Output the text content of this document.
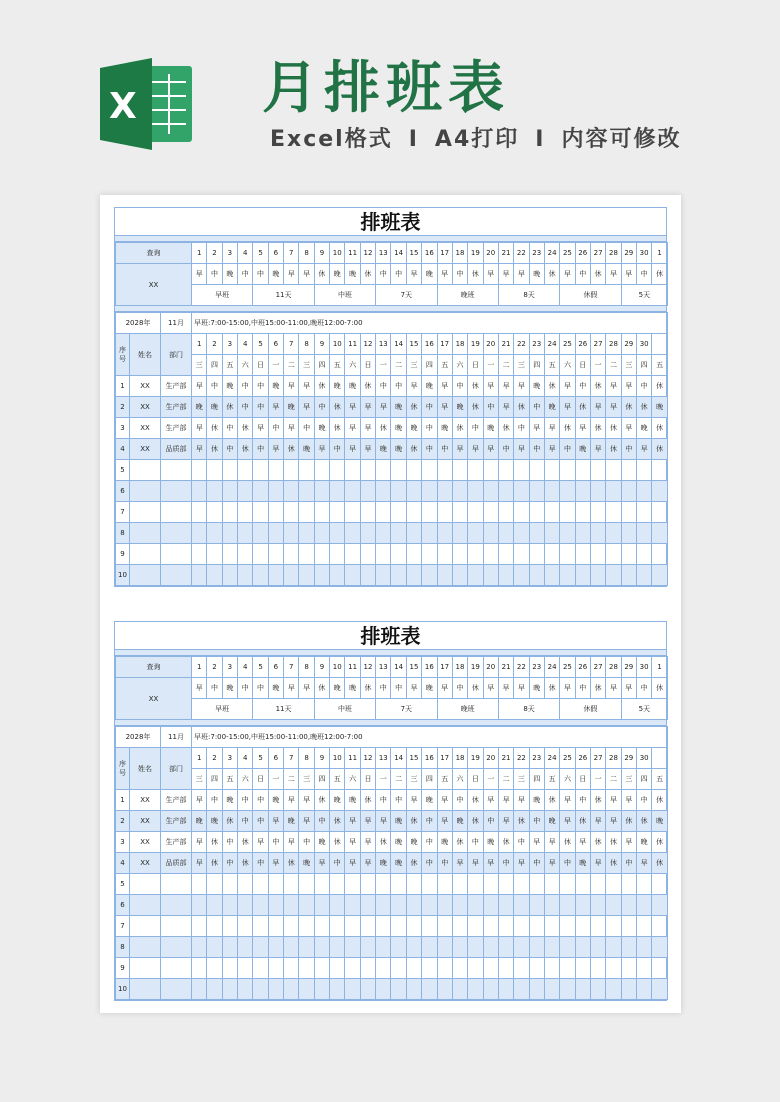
X 月排班表
Excel格式 I A4打印 I 内容可修改
排班表
查询	1	2	3	4	5	6	7	8	9	10	11	12	13	14	15	16	17	18	19	20	21	22	23	24	25	26	27	28	29	30	1
XX	早	中	晚	中	中	晚	早	早	休	晚	晚	休	中	中	早	晚	早	中	休	早	早	早	晚	休	早	中	休	早	早	中	休
	早班				11天				中班				7天				晚班				8天				休假				5天		
2028年		11月	早班:7:00-15:00,中班15:00-11:00,晚班12:00-7:00																														
序号	姓名	部门	1	2	3	4	5	6	7	8	9	10	11	12	13	14	15	16	17	18	19	20	21	22	23	24	25	26	27	28	29	30	
			三	四	五	六	日	一	二	三	四	五	六	日	一	二	三	四	五	六	日	一	二	三	四	五	六	日	一	二	三	四	五
1	XX	生产部	早	中	晚	中	中	晚	早	早	休	晚	晚	休	中	中	早	晚	早	中	休	早	早	早	晚	休	早	中	休	早	早	中	休
2	XX	生产部	晚	晚	休	中	中	早	晚	早	中	休	早	早	早	晚	休	中	早	晚	休	中	早	休	中	晚	早	休	早	早	休	休	晚
3	XX	生产部	早	休	中	休	早	中	早	中	晚	休	早	早	休	晚	晚	中	晚	休	中	晚	休	中	早	早	休	早	休	休	早	晚	休
4	XX	品质部	早	休	中	休	中	早	休	晚	早	中	早	早	晚	晚	休	中	中	早	早	早	中	早	中	早	中	晚	早	休	中	早	休
5																																	
6																																	
7																																	
8																																	
9																																	
10																																	
排班表
查询	1	2	3	4	5	6	7	8	9	10	11	12	13	14	15	16	17	18	19	20	21	22	23	24	25	26	27	28	29	30	1
XX	早	中	晚	中	中	晚	早	早	休	晚	晚	休	中	中	早	晚	早	中	休	早	早	早	晚	休	早	中	休	早	早	中	休
	早班				11天				中班				7天				晚班				8天				休假				5天		
2028年		11月	早班:7:00-15:00,中班15:00-11:00,晚班12:00-7:00																														
序号	姓名	部门	1	2	3	4	5	6	7	8	9	10	11	12	13	14	15	16	17	18	19	20	21	22	23	24	25	26	27	28	29	30	
			三	四	五	六	日	一	二	三	四	五	六	日	一	二	三	四	五	六	日	一	二	三	四	五	六	日	一	二	三	四	五
1	XX	生产部	早	中	晚	中	中	晚	早	早	休	晚	晚	休	中	中	早	晚	早	中	休	早	早	早	晚	休	早	中	休	早	早	中	休
2	XX	生产部	晚	晚	休	中	中	早	晚	早	中	休	早	早	早	晚	休	中	早	晚	休	中	早	休	中	晚	早	休	早	早	休	休	晚
3	XX	生产部	早	休	中	休	早	中	早	中	晚	休	早	早	休	晚	晚	中	晚	休	中	晚	休	中	早	早	休	早	休	休	早	晚	休
4	XX	品质部	早	休	中	休	中	早	休	晚	早	中	早	早	晚	晚	休	中	中	早	早	早	中	早	中	早	中	晚	早	休	中	早	休
5																																	
6																																	
7																																	
8																																	
9																																	
10																																	
